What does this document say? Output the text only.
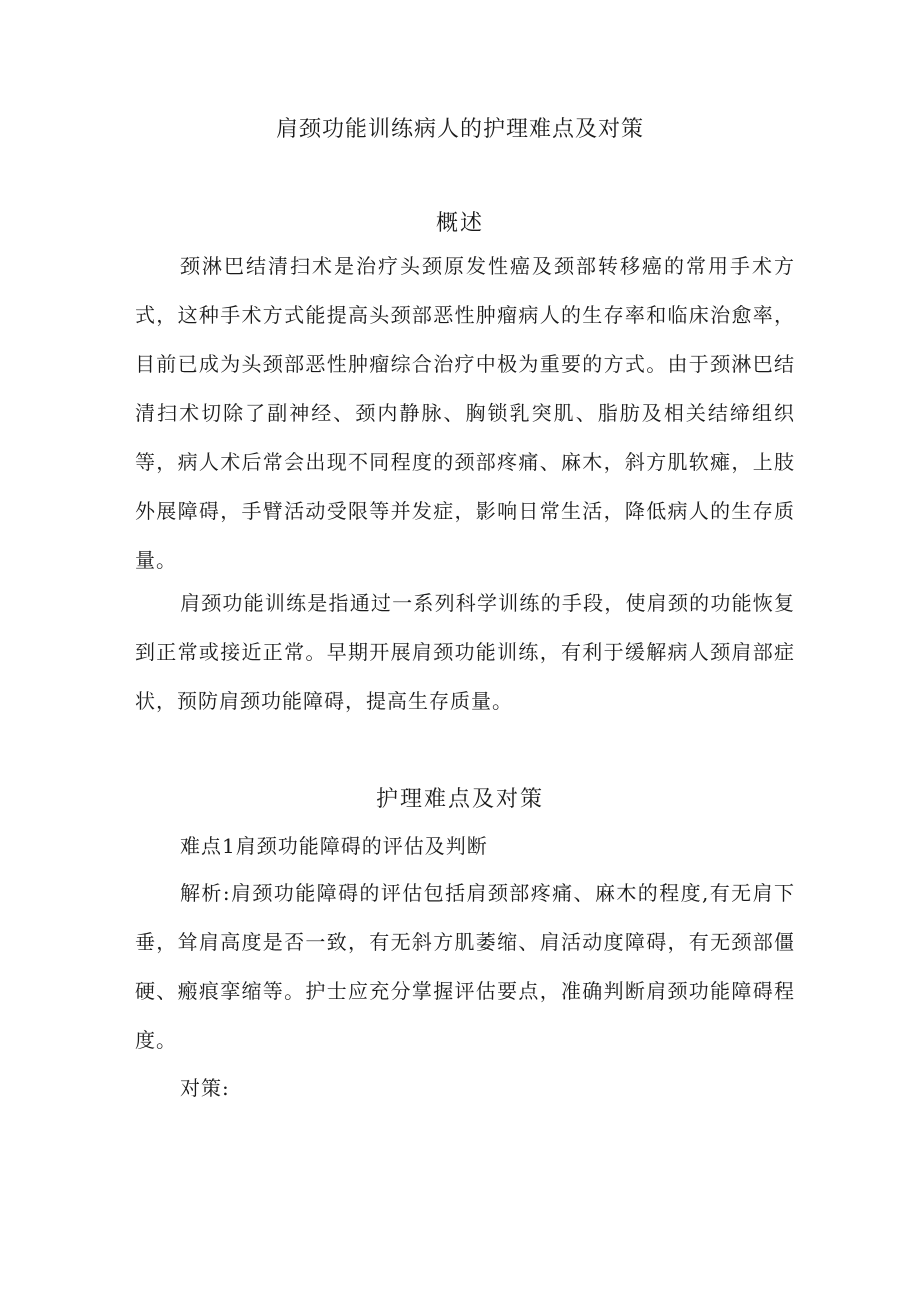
肩颈功能训练病人的护理难点及对策
概述

颈淋巴结清扫术是治疗头颈原发性癌及颈部转移癌的常用手术方式，这种手术方式能提高头颈部恶性肿瘤病人的生存率和临床治愈率，目前已成为头颈部恶性肿瘤综合治疗中极为重要的方式。由于颈淋巴结清扫术切除了副神经、颈内静脉、胸锁乳突肌、脂肪及相关结缔组织等，病人术后常会出现不同程度的颈部疼痛、麻木，斜方肌软瘫，上肢外展障碍，手臂活动受限等并发症，影响日常生活，降低病人的生存质量。

肩颈功能训练是指通过一系列科学训练的手段，使肩颈的功能恢复到正常或接近正常。早期开展肩颈功能训练，有利于缓解病人颈肩部症状，预防肩颈功能障碍，提高生存质量。

护理难点及对策

难点1肩颈功能障碍的评估及判断

解析:肩颈功能障碍的评估包括肩颈部疼痛、麻木的程度,有无肩下垂，耸肩高度是否一致，有无斜方肌萎缩、肩活动度障碍，有无颈部僵硬、瘢痕挛缩等。护士应充分掌握评估要点，准确判断肩颈功能障碍程度。

对策:
